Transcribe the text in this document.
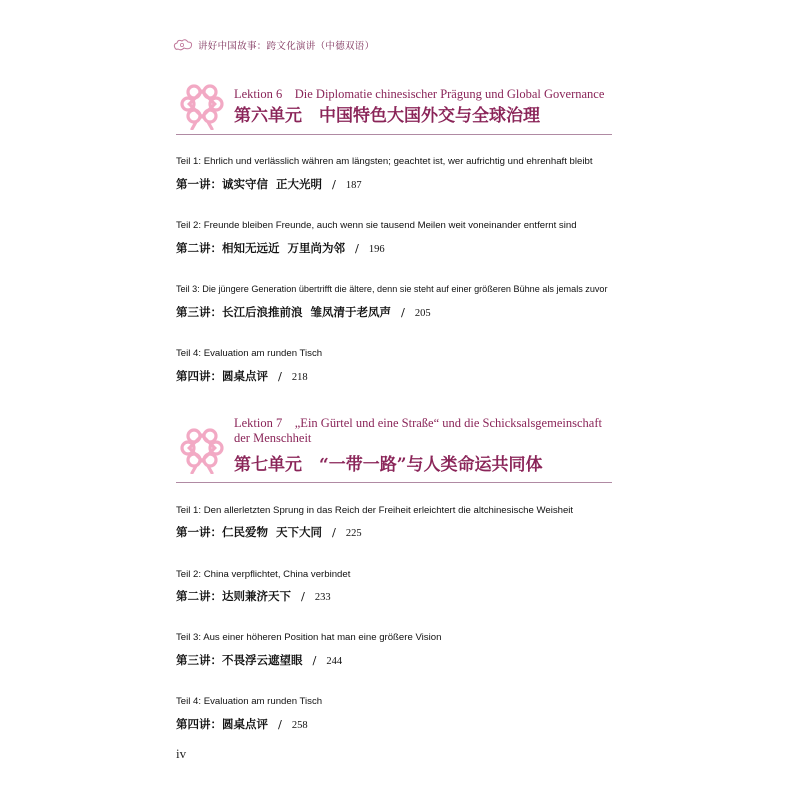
讲好中国故事：跨文化演讲（中德双语）
Lektion 6　Die Diplomatie chinesischer Prägung und Global Governance
第六单元　中国特色大国外交与全球治理
Teil 1: Ehrlich und verlässlich währen am längsten; geachtet ist, wer aufrichtig und ehrenhaft bleibt
第一讲：诚实守信 正大光明 / 187
Teil 2: Freunde bleiben Freunde, auch wenn sie tausend Meilen weit voneinander entfernt sind
第二讲：相知无远近 万里尚为邻 / 196
Teil 3: Die jüngere Generation übertrifft die ältere, denn sie steht auf einer größeren Bühne als jemals zuvor
第三讲：长江后浪推前浪 雏凤清于老凤声 / 205
Teil 4: Evaluation am runden Tisch
第四讲：圆桌点评 / 218
Lektion 7　„Ein Gürtel und eine Straße“ und die Schicksalsgemeinschaft
der Menschheit
第七单元　“一带一路”与人类命运共同体
Teil 1: Den allerletzten Sprung in das Reich der Freiheit erleichtert die altchinesische Weisheit
第一讲：仁民爱物 天下大同 / 225
Teil 2: China verpflichtet, China verbindet
第二讲：达则兼济天下 / 233
Teil 3: Aus einer höheren Position hat man eine größere Vision
第三讲：不畏浮云遮望眼 / 244
Teil 4: Evaluation am runden Tisch
第四讲：圆桌点评 / 258
iv
